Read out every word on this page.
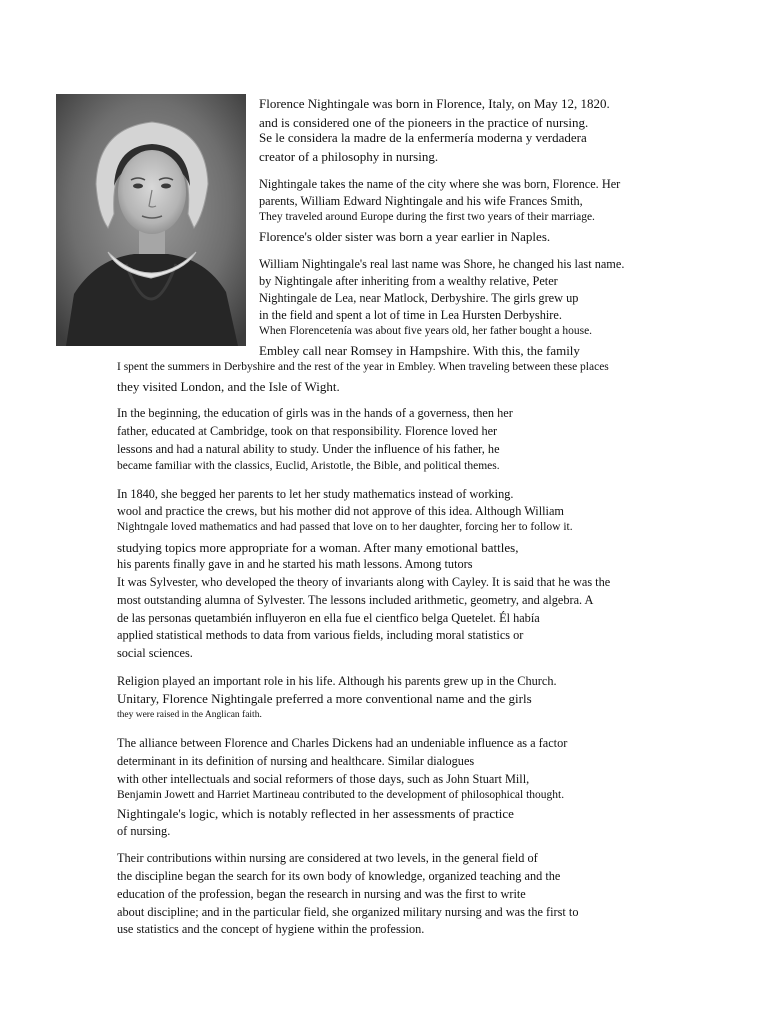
Florence Nightingale was born in Florence, Italy, on May 12, 1820.
and is considered one of the pioneers in the practice of nursing.
Se le considera la madre de la enfermería moderna y verdadera
creator of a philosophy in nursing.
Nightingale takes the name of the city where she was born, Florence. Her
parents, William Edward Nightingale and his wife Frances Smith,
They traveled around Europe during the first two years of their marriage.
Florence's older sister was born a year earlier in Naples.
William Nightingale's real last name was Shore, he changed his last name.
by Nightingale after inheriting from a wealthy relative, Peter
Nightingale de Lea, near Matlock, Derbyshire. The girls grew up
in the field and spent a lot of time in Lea Hursten Derbyshire.
When Florencetenía was about five years old, her father bought a house.
Embley call near Romsey in Hampshire. With this, the family
I spent the summers in Derbyshire and the rest of the year in Embley. When traveling between these places
they visited London, and the Isle of Wight.
In the beginning, the education of girls was in the hands of a governess, then her
father, educated at Cambridge, took on that responsibility. Florence loved her
lessons and had a natural ability to study. Under the influence of his father, he
became familiar with the classics, Euclid, Aristotle, the Bible, and political themes.
In 1840, she begged her parents to let her study mathematics instead of working.
wool and practice the crews, but his mother did not approve of this idea. Although William
Nightngale loved mathematics and had passed that love on to her daughter, forcing her to follow it.
studying topics more appropriate for a woman. After many emotional battles,
his parents finally gave in and he started his math lessons. Among tutors
It was Sylvester, who developed the theory of invariants along with Cayley. It is said that he was the
most outstanding alumna of Sylvester. The lessons included arithmetic, geometry, and algebra. A
de las personas quetambién influyeron en ella fue el cientfico belga Quetelet. Él había
applied statistical methods to data from various fields, including moral statistics or
social sciences.
Religion played an important role in his life. Although his parents grew up in the Church.
Unitary, Florence Nightingale preferred a more conventional name and the girls
they were raised in the Anglican faith.
The alliance between Florence and Charles Dickens had an undeniable influence as a factor
determinant in its definition of nursing and healthcare. Similar dialogues
with other intellectuals and social reformers of those days, such as John Stuart Mill,
Benjamin Jowett and Harriet Martineau contributed to the development of philosophical thought.
Nightingale's logic, which is notably reflected in her assessments of practice
of nursing.
Their contributions within nursing are considered at two levels, in the general field of
the discipline began the search for its own body of knowledge, organized teaching and the
education of the profession, began the research in nursing and was the first to write
about discipline; and in the particular field, she organized military nursing and was the first to
use statistics and the concept of hygiene within the profession.
